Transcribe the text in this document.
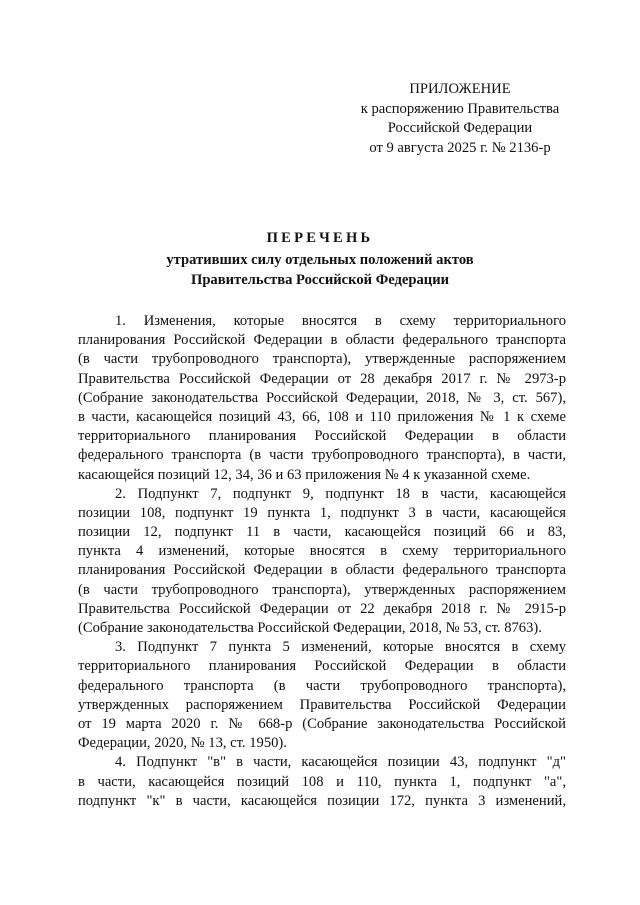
ПРИЛОЖЕНИЕ
к распоряжению Правительства
Российской Федерации
от 9 августа 2025 г. № 2136-р
ПЕРЕЧЕНЬ
утративших силу отдельных положений актов
Правительства Российской Федерации
1. Изменения, которые вносятся в схему территориального
планирования Российской Федерации в области федерального транспорта
(в части трубопроводного транспорта), утвержденные распоряжением
Правительства Российской Федерации от 28 декабря 2017 г. № 2973-р
(Собрание законодательства Российской Федерации, 2018, № 3, ст. 567),
в части, касающейся позиций 43, 66, 108 и 110 приложения № 1 к схеме
территориального планирования Российской Федерации в области
федерального транспорта (в части трубопроводного транспорта), в части,
касающейся позиций 12, 34, 36 и 63 приложения № 4 к указанной схеме.
2. Подпункт 7, подпункт 9, подпункт 18 в части, касающейся
позиции 108, подпункт 19 пункта 1, подпункт 3 в части, касающейся
позиции 12, подпункт 11 в части, касающейся позиций 66 и 83,
пункта 4 изменений, которые вносятся в схему территориального
планирования Российской Федерации в области федерального транспорта
(в части трубопроводного транспорта), утвержденных распоряжением
Правительства Российской Федерации от 22 декабря 2018 г. № 2915-р
(Собрание законодательства Российской Федерации, 2018, № 53, ст. 8763).
3. Подпункт 7 пункта 5 изменений, которые вносятся в схему
территориального планирования Российской Федерации в области
федерального транспорта (в части трубопроводного транспорта),
утвержденных распоряжением Правительства Российской Федерации
от 19 марта 2020 г. № 668-р (Собрание законодательства Российской
Федерации, 2020, № 13, ст. 1950).
4. Подпункт "в" в части, касающейся позиции 43, подпункт "д"
в части, касающейся позиций 108 и 110, пункта 1, подпункт "а",
подпункт "к" в части, касающейся позиции 172, пункта 3 изменений,
